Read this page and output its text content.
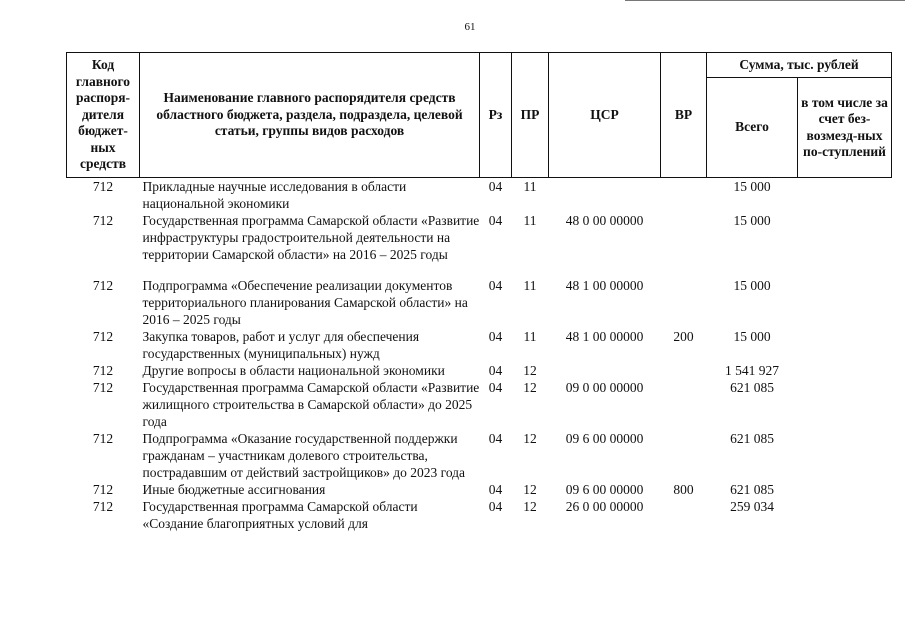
61
Код главного распоря-дителя бюджет-ных средств	Наименование главного распорядителя средств областного бюджета, раздела, подраздела, целевой статьи, группы видов расходов	Рз	ПР	ЦСР	ВР	Сумма, тыс. рублей	
						Всего	в том числе за счет без-возмезд-ных по-ступлений
712	Прикладные научные исследования в области национальной экономики	04	11			15 000	
712	Государственная программа Самарской области «Развитие инфраструктуры градостроительной деятельности на территории Самарской области» на 2016 – 2025 годы	04	11	48 0 00 00000		15 000	
712	Подпрограмма «Обеспечение реализации документов территориального планирования Самарской области» на 2016 – 2025 годы	04	11	48 1 00 00000		15 000	
712	Закупка товаров, работ и услуг для обеспечения государственных (муниципальных) нужд	04	11	48 1 00 00000	200	15 000	
712	Другие вопросы в области национальной экономики	04	12			1 541 927	
712	Государственная программа Самарской области «Развитие жилищного строительства в Самарской области» до 2025 года	04	12	09 0 00 00000		621 085	
712	Подпрограмма «Оказание государственной поддержки гражданам – участникам долевого строительства, пострадавшим от действий застройщиков» до 2023 года	04	12	09 6 00 00000		621 085	
712	Иные бюджетные ассигнования	04	12	09 6 00 00000	800	621 085	
712	Государственная программа Самарской области «Создание благоприятных условий для	04	12	26 0 00 00000		259 034	
